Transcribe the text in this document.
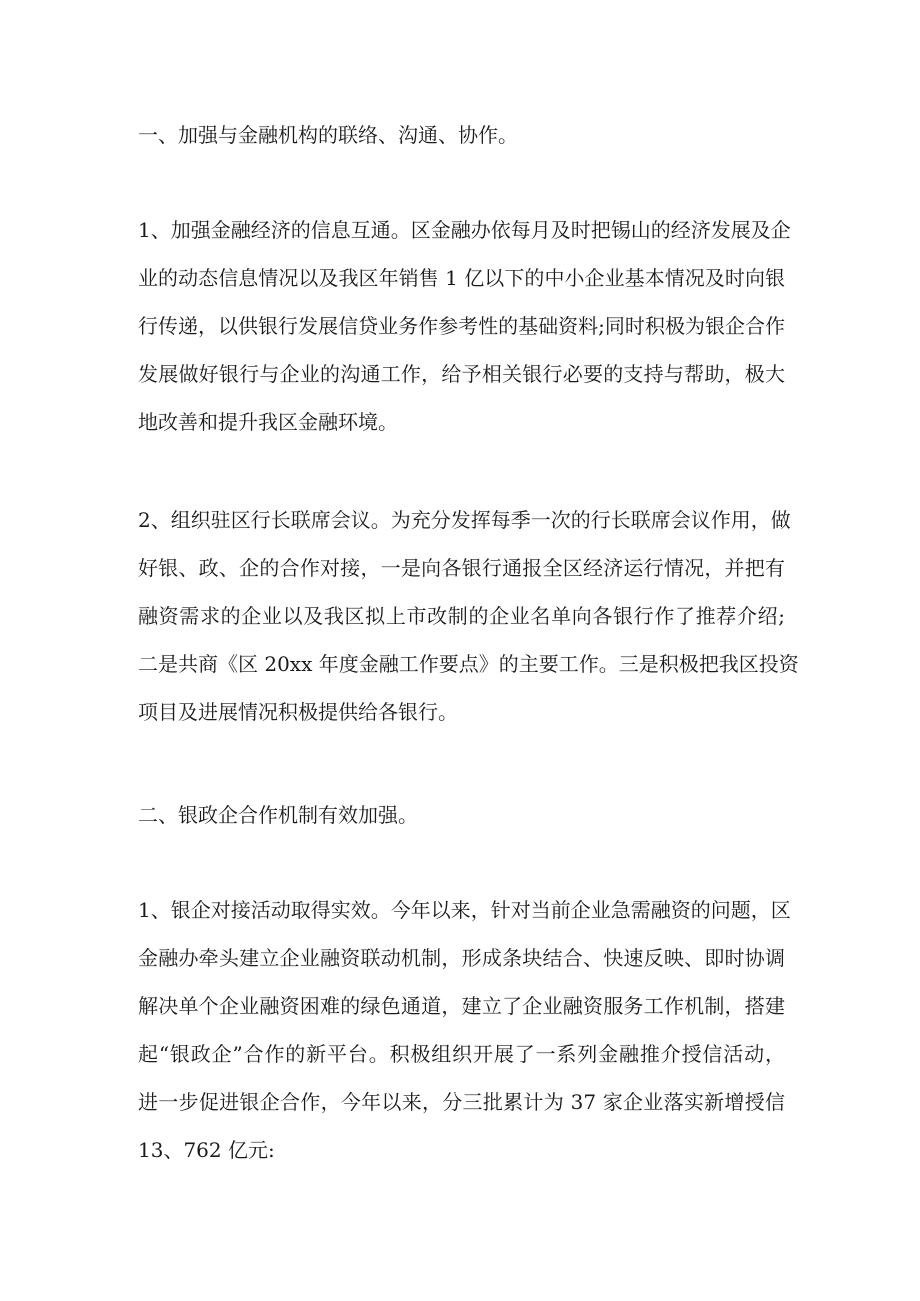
一、加强与金融机构的联络、沟通、协作。

1、加强金融经济的信息互通。区金融办依每月及时把锡山的经济发展及企
业的动态信息情况以及我区年销售 1 亿以下的中小企业基本情况及时向银
行传递，以供银行发展信贷业务作参考性的基础资料;同时积极为银企合作
发展做好银行与企业的沟通工作，给予相关银行必要的支持与帮助，极大
地改善和提升我区金融环境。
2、组织驻区行长联席会议。为充分发挥每季一次的行长联席会议作用，做
好银、政、企的合作对接，一是向各银行通报全区经济运行情况，并把有
融资需求的企业以及我区拟上市改制的企业名单向各银行作了推荐介绍;
二是共商《区 20xx 年度金融工作要点》的主要工作。三是积极把我区投资
项目及进展情况积极提供给各银行。

二、银政企合作机制有效加强。

1、银企对接活动取得实效。今年以来，针对当前企业急需融资的问题，区
金融办牵头建立企业融资联动机制，形成条块结合、快速反映、即时协调
解决单个企业融资困难的绿色通道，建立了企业融资服务工作机制，搭建
起“银政企”合作的新平台。积极组织开展了一系列金融推介授信活动，
进一步促进银企合作，今年以来，分三批累计为 37 家企业落实新增授信
13、762 亿元:
